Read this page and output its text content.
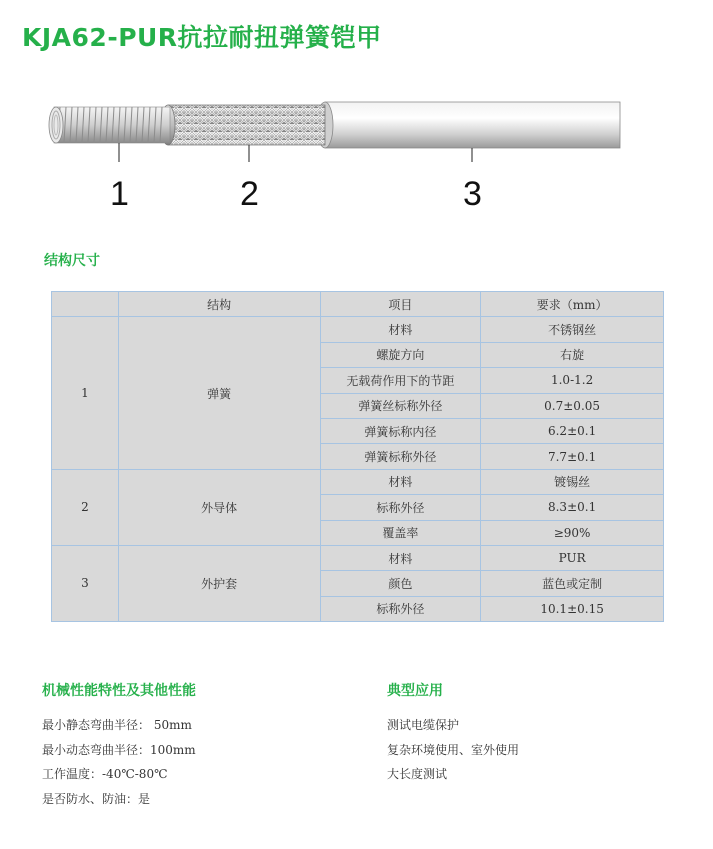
KJA62-PUR抗拉耐扭弹簧铠甲
1	2	3
结构尺寸
	结构	项目	要求（mm）
1	弹簧	材料	不锈钢丝
		螺旋方向	右旋
		无载荷作用下的节距	1.0-1.2
		弹簧丝标称外径	0.7±0.05
		弹簧标称内径	6.2±0.1
		弹簧标称外径	7.7±0.1
2	外导体	材料	镀锡丝
		标称外径	8.3±0.1
		覆盖率	≥90%
3	外护套	材料	PUR
		颜色	蓝色或定制
		标称外径	10.1±0.15
机械性能特性及其他性能
最小静态弯曲半径： 50mm
最小动态弯曲半径：100mm
工作温度：-40℃-80℃
是否防水、防油：是
典型应用
测试电缆保护
复杂环境使用、室外使用
大长度测试
